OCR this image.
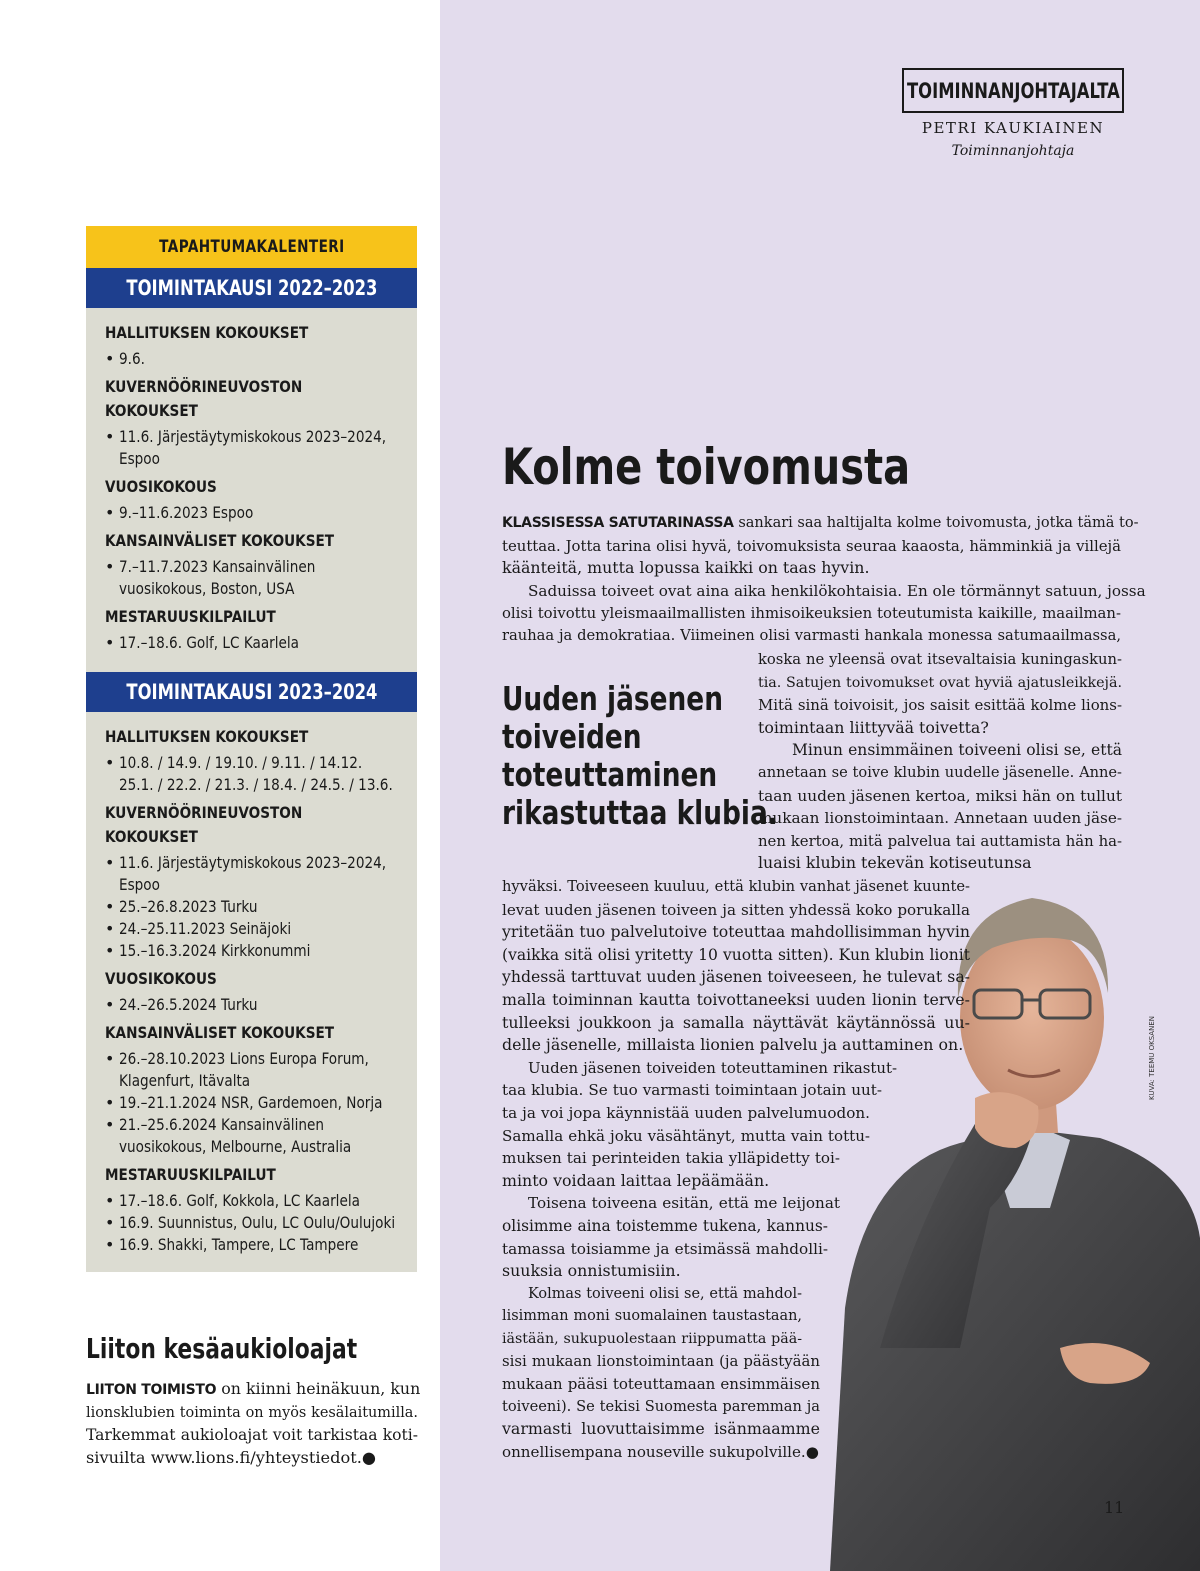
TOIMINNANJOHTAJALTA
PETRI KAUKIAINEN
Toiminnanjohtaja
TAPAHTUMAKALENTERI
TOIMINTAKAUSI 2022–2023
HALLITUKSEN KOKOUKSET
• 9.6.
KUVERNÖÖRINEUVOSTON
KOKOUKSET
• 11.6. Järjestäytymiskokous 2023–2024,
Espoo
VUOSIKOKOUS
• 9.–11.6.2023 Espoo
KANSAINVÄLISET KOKOUKSET
• 7.–11.7.2023 Kansainvälinen
vuosikokous, Boston, USA
MESTARUUSKILPAILUT
• 17.–18.6. Golf, LC Kaarlela
TOIMINTAKAUSI 2023–2024
HALLITUKSEN KOKOUKSET
• 10.8. / 14.9. / 19.10. / 9.11. / 14.12.
25.1. / 22.2. / 21.3. / 18.4. / 24.5. / 13.6.
KUVERNÖÖRINEUVOSTON
KOKOUKSET
• 11.6. Järjestäytymiskokous 2023–2024,
Espoo
• 25.–26.8.2023 Turku
• 24.–25.11.2023 Seinäjoki
• 15.–16.3.2024 Kirkkonummi
VUOSIKOKOUS
• 24.–26.5.2024 Turku
KANSAINVÄLISET KOKOUKSET
• 26.–28.10.2023 Lions Europa Forum,
Klagenfurt, Itävalta
• 19.–21.1.2024 NSR, Gardemoen, Norja
• 21.–25.6.2024 Kansainvälinen
vuosikokous, Melbourne, Australia
MESTARUUSKILPAILUT
• 17.–18.6. Golf, Kokkola, LC Kaarlela
• 16.9. Suunnistus, Oulu, LC Oulu/Oulujoki
• 16.9. Shakki, Tampere, LC Tampere
Liiton kesäaukioloajat
LIITON TOIMISTO on kiinni heinäkuun, kun
lionsklubien toiminta on myös kesälaitumilla.
Tarkemmat aukioloajat voit tarkistaa koti-
sivuilta www.lions.fi/yhteystiedot.●
Kolme toivomusta
KLASSISESSA SATUTARINASSA sankari saa haltijalta kolme toivomusta, jotka tämä to-
teuttaa. Jotta tarina olisi hyvä, toivomuksista seuraa kaaosta, hämminkiä ja villejä
käänteitä, mutta lopussa kaikki on taas hyvin.
Saduissa toiveet ovat aina aika henkilökohtaisia. En ole törmännyt satuun, jossa
olisi toivottu yleismaailmallisten ihmisoikeuksien toteutumista kaikille, maailman-
rauhaa ja demokratiaa. Viimeinen olisi varmasti hankala monessa satumaailmassa,
Uuden jäsenen
toiveiden
toteuttaminen
rikastuttaa klubia.
koska ne yleensä ovat itsevaltaisia kuningaskun-
tia. Satujen toivomukset ovat hyviä ajatusleikkejä.
Mitä sinä toivoisit, jos saisit esittää kolme lions-
toimintaan liittyvää toivetta?
Minun ensimmäinen toiveeni olisi se, että
annetaan se toive klubin uudelle jäsenelle. Anne-
taan uuden jäsenen kertoa, miksi hän on tullut
mukaan lionstoimintaan. Annetaan uuden jäse-
nen kertoa, mitä palvelua tai auttamista hän ha-
luaisi klubin tekevän kotiseutunsa
KUVA: TEEMU OKSANEN
hyväksi. Toiveeseen kuuluu, että klubin vanhat jäsenet kuunte-
levat uuden jäsenen toiveen ja sitten yhdessä koko porukalla
yritetään tuo palvelutoive toteuttaa mahdollisimman hyvin
(vaikka sitä olisi yritetty 10 vuotta sitten). Kun klubin lionit
yhdessä tarttuvat uuden jäsenen toiveeseen, he tulevat sa-
malla toiminnan kautta toivottaneeksi uuden lionin terve-
tulleeksi joukkoon ja samalla näyttävät käytännössä uu-
delle jäsenelle, millaista lionien palvelu ja auttaminen on.
Uuden jäsenen toiveiden toteuttaminen rikastut-
taa klubia. Se tuo varmasti toimintaan jotain uut-
ta ja voi jopa käynnistää uuden palvelumuodon.
Samalla ehkä joku väsähtänyt, mutta vain tottu-
muksen tai perinteiden takia ylläpidetty toi-
minto voidaan laittaa lepäämään.
Toisena toiveena esitän, että me leijonat
olisimme aina toistemme tukena, kannus-
tamassa toisiamme ja etsimässä mahdolli-
suuksia onnistumisiin.
Kolmas toiveeni olisi se, että mahdol-
lisimman moni suomalainen taustastaan,
iästään, sukupuolestaan riippumatta pää-
sisi mukaan lionstoimintaan (ja päästyään
mukaan pääsi toteuttamaan ensimmäisen
toiveeni). Se tekisi Suomesta paremman ja
varmasti luovuttaisimme isänmaamme
onnellisempana nouseville sukupolville.●
11
